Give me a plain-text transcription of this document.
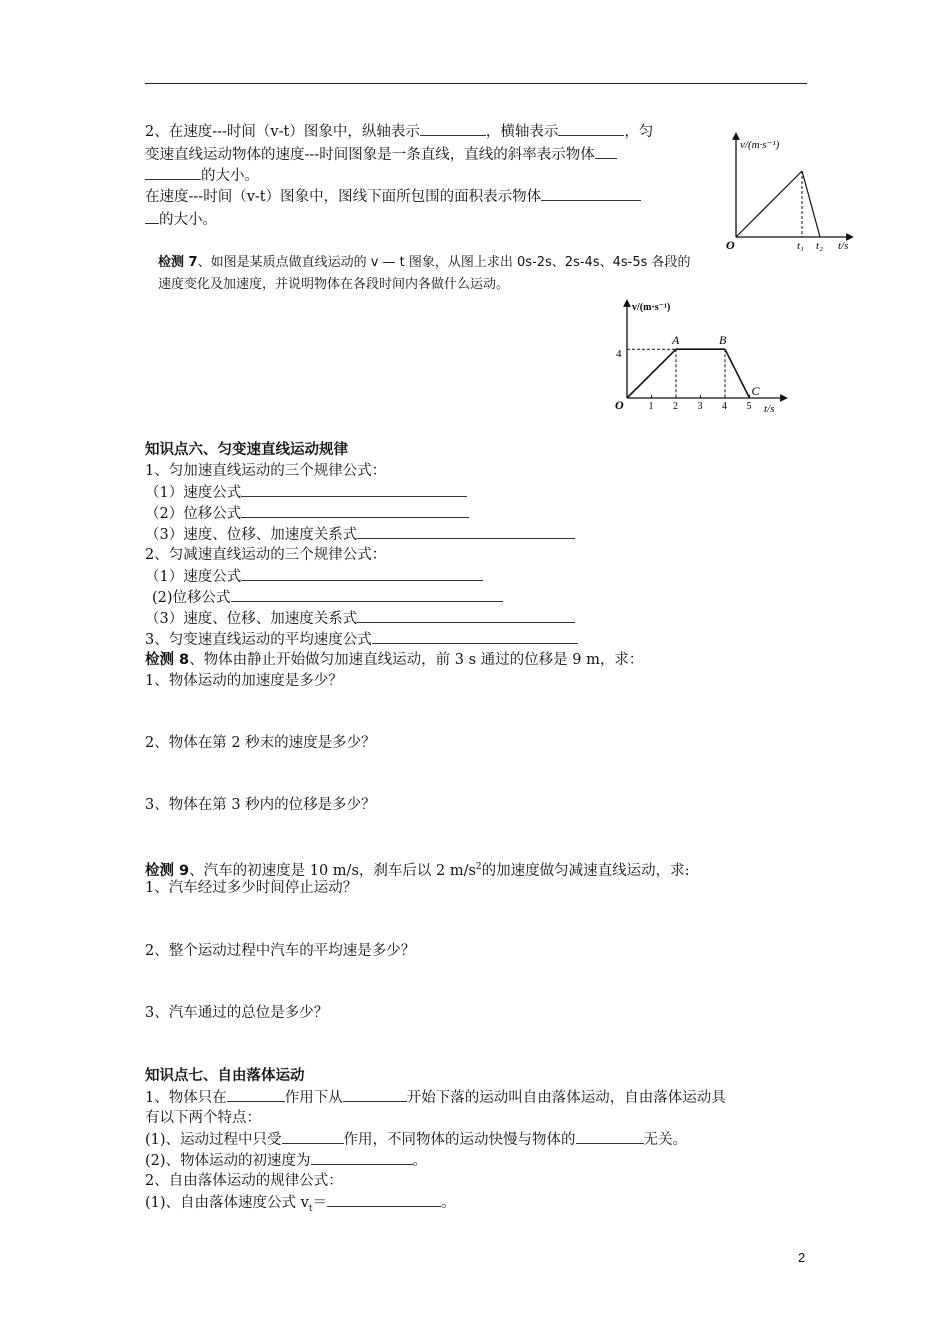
2、在速度---时间（v-t）图象中，纵轴表示	，横轴表示	，匀
变速直线运动物体的速度---时间图象是一条直线，直线的斜率表示物体
的大小。
在速度---时间（v-t）图象中，图线下面所包围的面积表示物体
的大小。
v/(m·s⁻¹)
O	t₁ t₂ t/s
检测 7、如图是某质点做直线运动的 v — t 图象，从图上求出 0s-2s、2s-4s、4s-5s 各段的
速度变化及加速度，并说明物体在各段时间内各做什么运动。
v/(m·s⁻¹)
O	t/s
4
1 2 3 4 5
A	B
C
知识点六、匀变速直线运动规律
1、匀加速直线运动的三个规律公式：
（1）速度公式
（2）位移公式
（3）速度、位移、加速度关系式
2、匀减速直线运动的三个规律公式：
（1）速度公式
(2)位移公式
（3）速度、位移、加速度关系式
3、匀变速直线运动的平均速度公式
检测 8、物体由静止开始做匀加速直线运动，前 3 s 通过的位移是 9 m，求：
1、物体运动的加速度是多少？
2、物体在第 2 秒末的速度是多少？
3、物体在第 3 秒内的位移是多少？
检测 9、汽车的初速度是 10 m/s，刹车后以 2 $m/s^2$的加速度做匀减速直线运动，求:
1、汽车经过多少时间停止运动？
2、整个运动过程中汽车的平均速是多少？
3、汽车通过的总位是多少？
知识点七、自由落体运动
1、物体只在	作用下从	开始下落的运动叫自由落体运动，自由落体运动具
有以下两个特点：
(1)、运动过程中只受	作用，不同物体的运动快慢与物体的	无关。
(2)、物体运动的初速度为	。
2、自由落体运动的规律公式：
(1)、自由落体速度公式 $v_t=$	。
2
